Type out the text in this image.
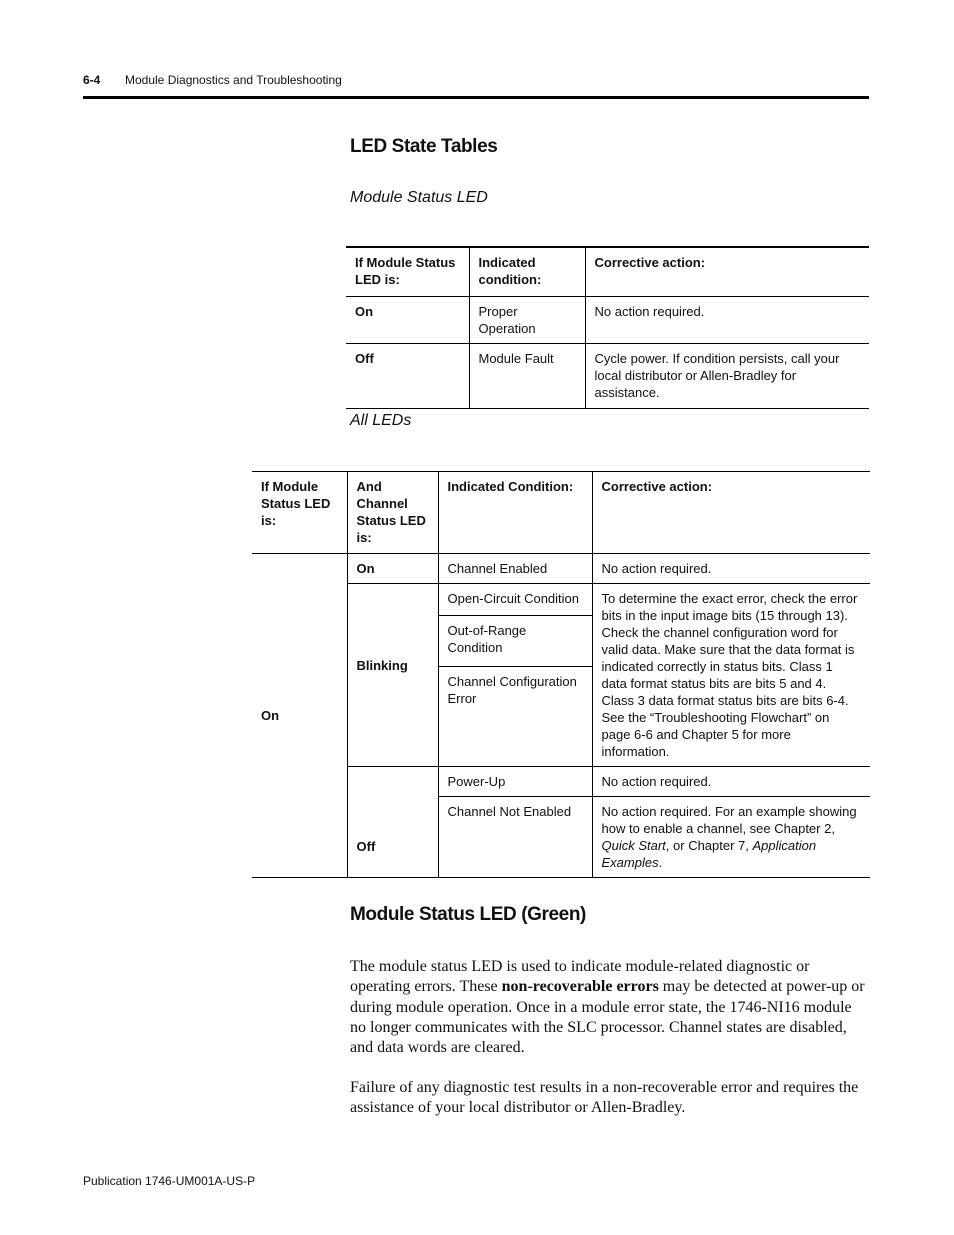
6-4 Module Diagnostics and Troubleshooting
LED State Tables
Module Status LED
If Module Status LED is:	Indicated condition:	Corrective action:
On	Proper Operation	No action required.
Off	Module Fault	Cycle power. If condition persists, call your local distributor or Allen-Bradley for assistance.
All LEDs
If Module Status LED is:	And Channel Status LED is:	Indicated Condition:	Corrective action:
On	On	Channel Enabled	No action required.
	Blinking	Open-Circuit Condition	To determine the exact error, check the error bits in the input image bits (15 through 13). Check the channel configuration word for valid data. Make sure that the data format is indicated correctly in status bits. Class 1 data format status bits are bits 5 and 4. Class 3 data format status bits are bits 6-4. See the “Troubleshooting Flowchart” on page 6-6 and Chapter 5 for more information.
		Out-of-Range Condition	
		Channel Configuration Error	
	Off	Power-Up	No action required.
		Channel Not Enabled	No action required. For an example showing how to enable a channel, see Chapter 2, Quick Start, or Chapter 7, Application Examples.
Module Status LED (Green)
The module status LED is used to indicate module-related diagnostic or operating errors. These non-recoverable errors may be detected at power-up or during module operation. Once in a module error state, the 1746-NI16 module no longer communicates with the SLC processor. Channel states are disabled, and data words are cleared.
Failure of any diagnostic test results in a non-recoverable error and requires the assistance of your local distributor or Allen-Bradley.
Publication 1746-UM001A-US-P
